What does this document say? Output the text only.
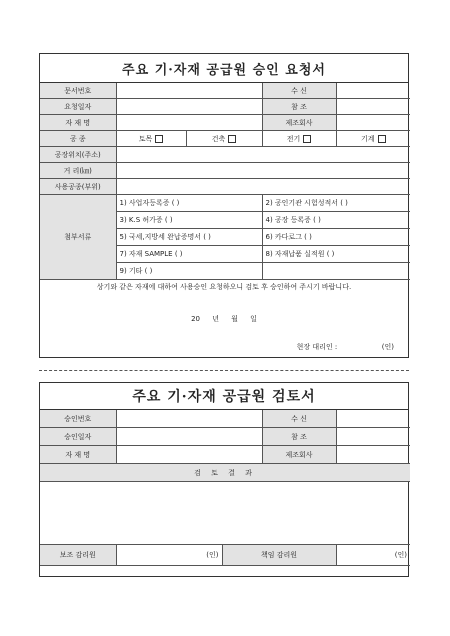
주요 기·자재 공급원 승인 요청서
문서번호			수 신	
요청일자			참 조	
자 재 명			제조회사	
공 종	토목	건축	전기	기계
공장위치(주소)				
거 리(㎞)				
사용공종(부위)				
첨부서류	1) 사업자등록증 ( )	2) 공인기관 시험성적서 ( )
	3) K.S 허가증 ( )	4) 공장 등록증 ( )
	5) 국세,지방세 완납증명서 ( )	6) 카다로그 ( )
	7) 자재 SAMPLE ( )	8) 자재납품 실적원 ( )
	9) 기타 ( )	
상기와 같은 자재에 대하여 사용승인 요청하오니 검토 후 승인하여 주시기 바랍니다.
20 년 월 일
현장 대리인 :	(인)
주요 기·자재 공급원 검토서
승인번호			수 신	
승인일자			참 조	
자 재 명			제조회사	
검 토 결 과				

보조 감리원	(인)	책임 감리원		(인)
